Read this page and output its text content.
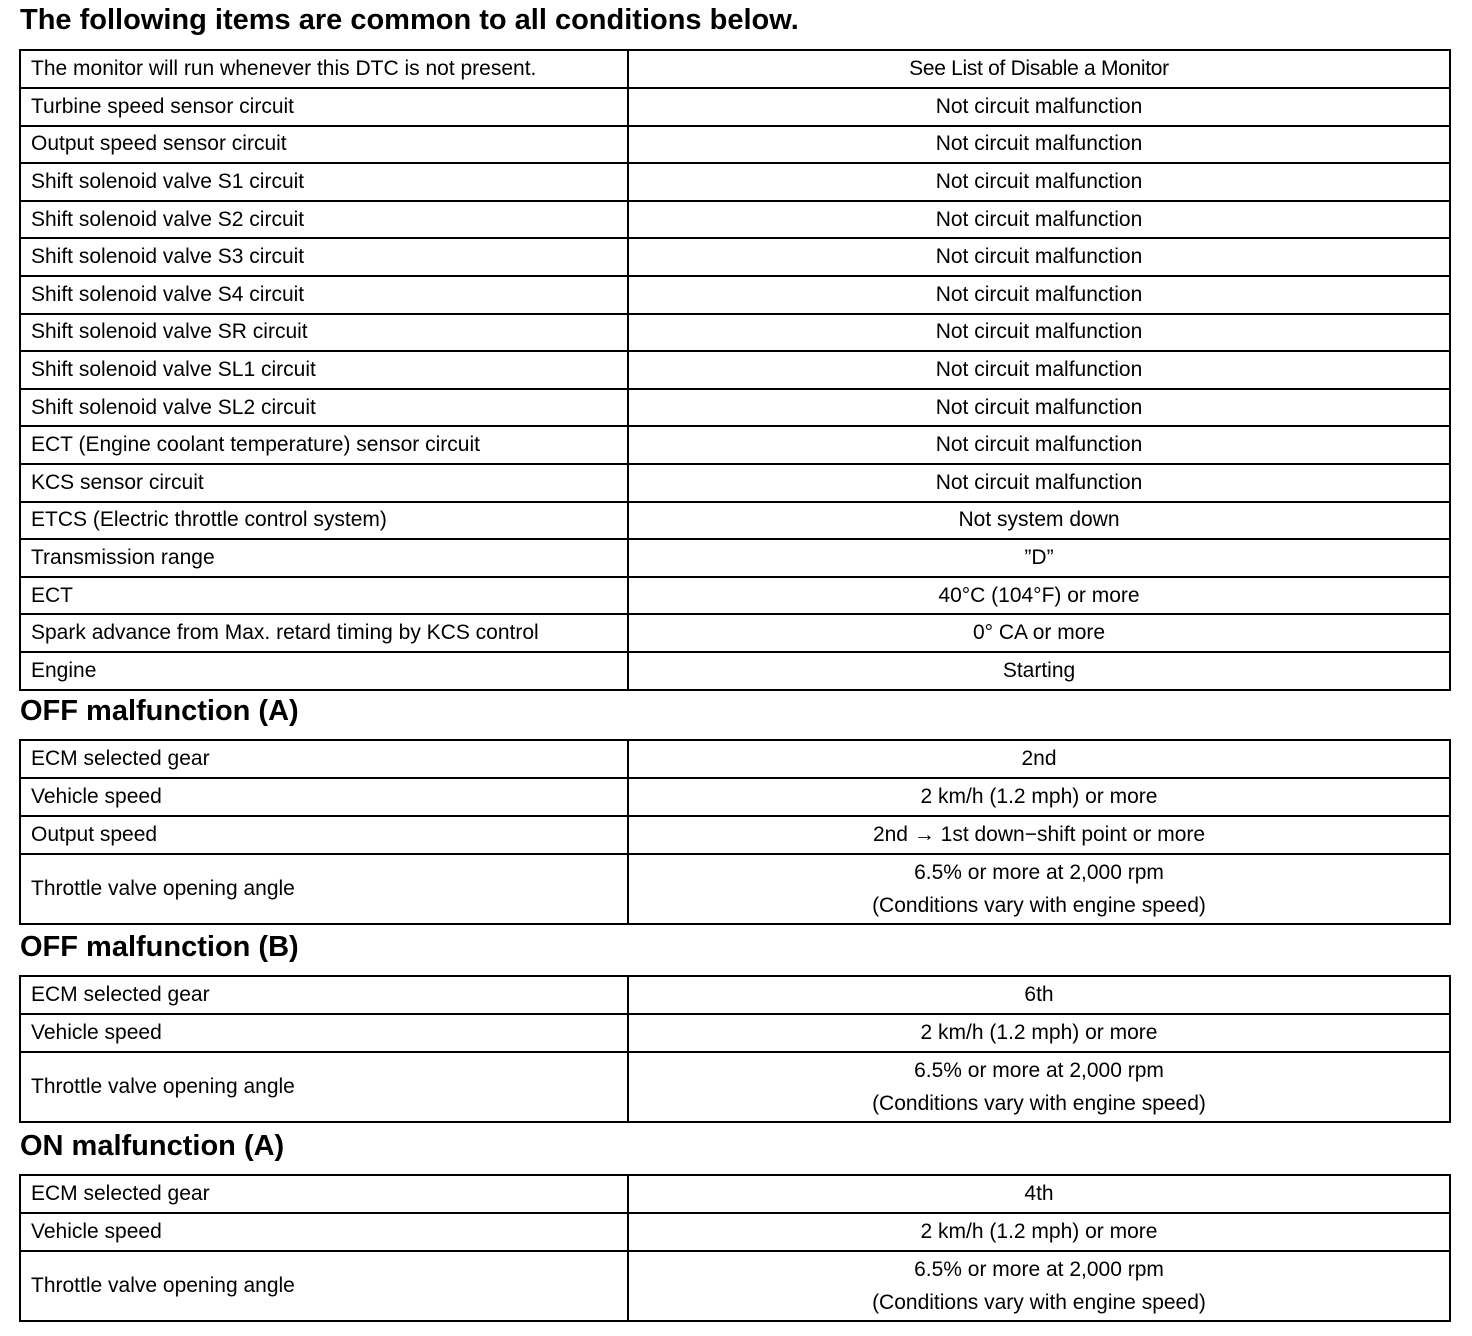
The following items are common to all conditions below.
The monitor will run whenever this DTC is not present.	See List of Disable a Monitor
Turbine speed sensor circuit	Not circuit malfunction
Output speed sensor circuit	Not circuit malfunction
Shift solenoid valve S1 circuit	Not circuit malfunction
Shift solenoid valve S2 circuit	Not circuit malfunction
Shift solenoid valve S3 circuit	Not circuit malfunction
Shift solenoid valve S4 circuit	Not circuit malfunction
Shift solenoid valve SR circuit	Not circuit malfunction
Shift solenoid valve SL1 circuit	Not circuit malfunction
Shift solenoid valve SL2 circuit	Not circuit malfunction
ECT (Engine coolant temperature) sensor circuit	Not circuit malfunction
KCS sensor circuit	Not circuit malfunction
ETCS (Electric throttle control system)	Not system down
Transmission range	”D”
ECT	40°C (104°F) or more
Spark advance from Max. retard timing by KCS control	0° CA or more
Engine	Starting
OFF malfunction (A)
ECM selected gear	2nd
Vehicle speed	2 km/h (1.2 mph) or more
Output speed	2nd → 1st down−shift point or more
Throttle valve opening angle	6.5% or more at 2,000 rpm
(Conditions vary with engine speed)
OFF malfunction (B)
ECM selected gear	6th
Vehicle speed	2 km/h (1.2 mph) or more
Throttle valve opening angle	6.5% or more at 2,000 rpm
(Conditions vary with engine speed)
ON malfunction (A)
ECM selected gear	4th
Vehicle speed	2 km/h (1.2 mph) or more
Throttle valve opening angle	6.5% or more at 2,000 rpm
(Conditions vary with engine speed)
